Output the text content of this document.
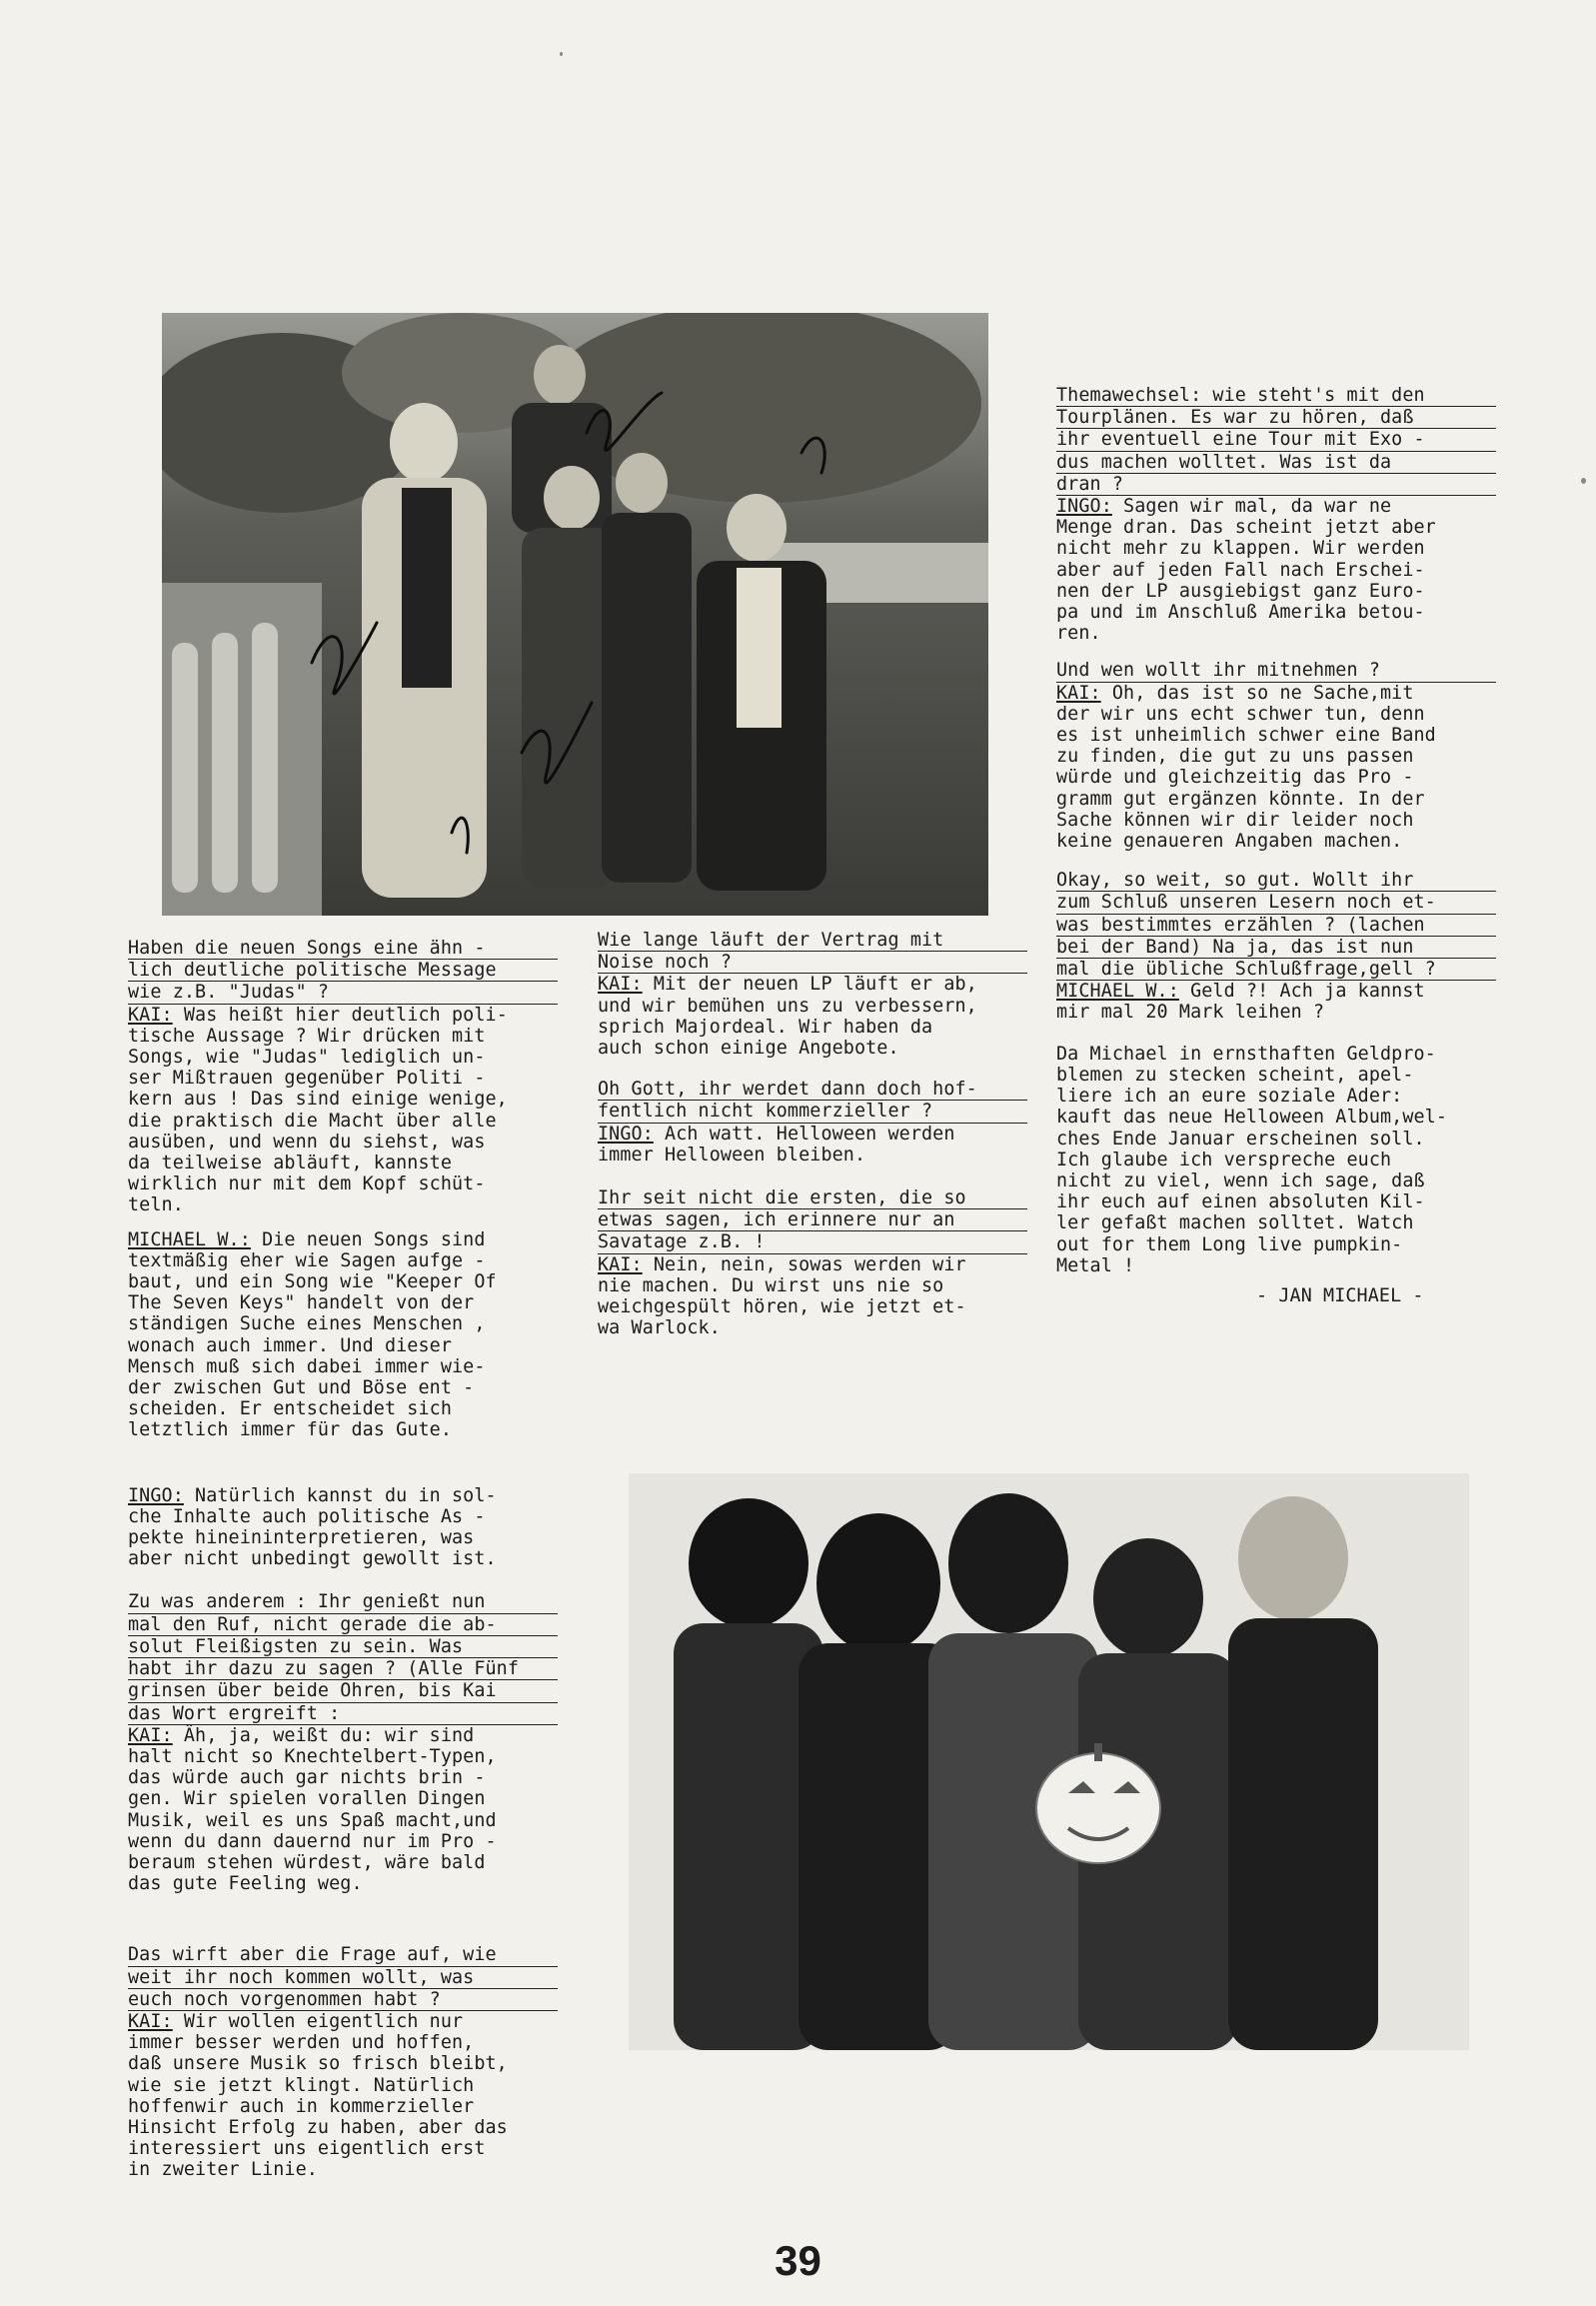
Haben die neuen Songs eine ähn -
lich deutliche politische Message
wie z.B. "Judas" ?
KAI: Was heißt hier deutlich poli-
tische Aussage ? Wir drücken mit
Songs, wie "Judas" lediglich un-
ser Mißtrauen gegenüber Politi -
kern aus ! Das sind einige wenige,
die praktisch die Macht über alle
ausüben, und wenn du siehst, was
da teilweise abläuft, kannste
wirklich nur mit dem Kopf schüt-
teln.
MICHAEL W.: Die neuen Songs sind
textmäßig eher wie Sagen aufge -
baut, und ein Song wie "Keeper Of
The Seven Keys" handelt von der
ständigen Suche eines Menschen ,
wonach auch immer. Und dieser
Mensch muß sich dabei immer wie-
der zwischen Gut und Böse ent -
scheiden. Er entscheidet sich
letztlich immer für das Gute.
INGO: Natürlich kannst du in sol-
che Inhalte auch politische As -
pekte hineininterpretieren, was
aber nicht unbedingt gewollt ist.
Zu was anderem : Ihr genießt nun
mal den Ruf, nicht gerade die ab-
solut Fleißigsten zu sein. Was
habt ihr dazu zu sagen ? (Alle Fünf
grinsen über beide Ohren, bis Kai
das Wort ergreift :
KAI: Äh, ja, weißt du: wir sind
halt nicht so Knechtelbert-Typen,
das würde auch gar nichts brin -
gen. Wir spielen vorallen Dingen
Musik, weil es uns Spaß macht,und
wenn du dann dauernd nur im Pro -
beraum stehen würdest, wäre bald
das gute Feeling weg.
Das wirft aber die Frage auf, wie
weit ihr noch kommen wollt, was
euch noch vorgenommen habt ?
KAI: Wir wollen eigentlich nur
immer besser werden und hoffen,
daß unsere Musik so frisch bleibt,
wie sie jetzt klingt. Natürlich
hoffenwir auch in kommerzieller
Hinsicht Erfolg zu haben, aber das
interessiert uns eigentlich erst
in zweiter Linie.
Wie lange läuft der Vertrag mit
Noise noch ?
KAI: Mit der neuen LP läuft er ab,
und wir bemühen uns zu verbessern,
sprich Majordeal. Wir haben da
auch schon einige Angebote.
Oh Gott, ihr werdet dann doch hof-
fentlich nicht kommerzieller ?
INGO: Ach watt. Helloween werden
immer Helloween bleiben.
Ihr seit nicht die ersten, die so
etwas sagen, ich erinnere nur an
Savatage z.B. !
KAI: Nein, nein, sowas werden wir
nie machen. Du wirst uns nie so
weichgespült hören, wie jetzt et-
wa Warlock.
Themawechsel: wie steht's mit den
Tourplänen. Es war zu hören, daß
ihr eventuell eine Tour mit Exo -
dus machen wolltet. Was ist da
dran ?
INGO: Sagen wir mal, da war ne
Menge dran. Das scheint jetzt aber
nicht mehr zu klappen. Wir werden
aber auf jeden Fall nach Erschei-
nen der LP ausgiebigst ganz Euro-
pa und im Anschluß Amerika betou-
ren.
Und wen wollt ihr mitnehmen ?
KAI: Oh, das ist so ne Sache,mit
der wir uns echt schwer tun, denn
es ist unheimlich schwer eine Band
zu finden, die gut zu uns passen
würde und gleichzeitig das Pro -
gramm gut ergänzen könnte. In der
Sache können wir dir leider noch
keine genaueren Angaben machen.
Okay, so weit, so gut. Wollt ihr
zum Schluß unseren Lesern noch et-
was bestimmtes erzählen ? (lachen
bei der Band) Na ja, das ist nun
mal die übliche Schlußfrage,gell ?
MICHAEL W.: Geld ?! Ach ja kannst
mir mal 20 Mark leihen ?
Da Michael in ernsthaften Geldpro-
blemen zu stecken scheint, apel-
liere ich an eure soziale Ader:
kauft das neue Helloween Album,wel-
ches Ende Januar erscheinen soll.
Ich glaube ich verspreche euch
nicht zu viel, wenn ich sage, daß
ihr euch auf einen absoluten Kil-
ler gefaßt machen solltet. Watch
out for them Long live pumpkin-
Metal !
- JAN MICHAEL -
39
